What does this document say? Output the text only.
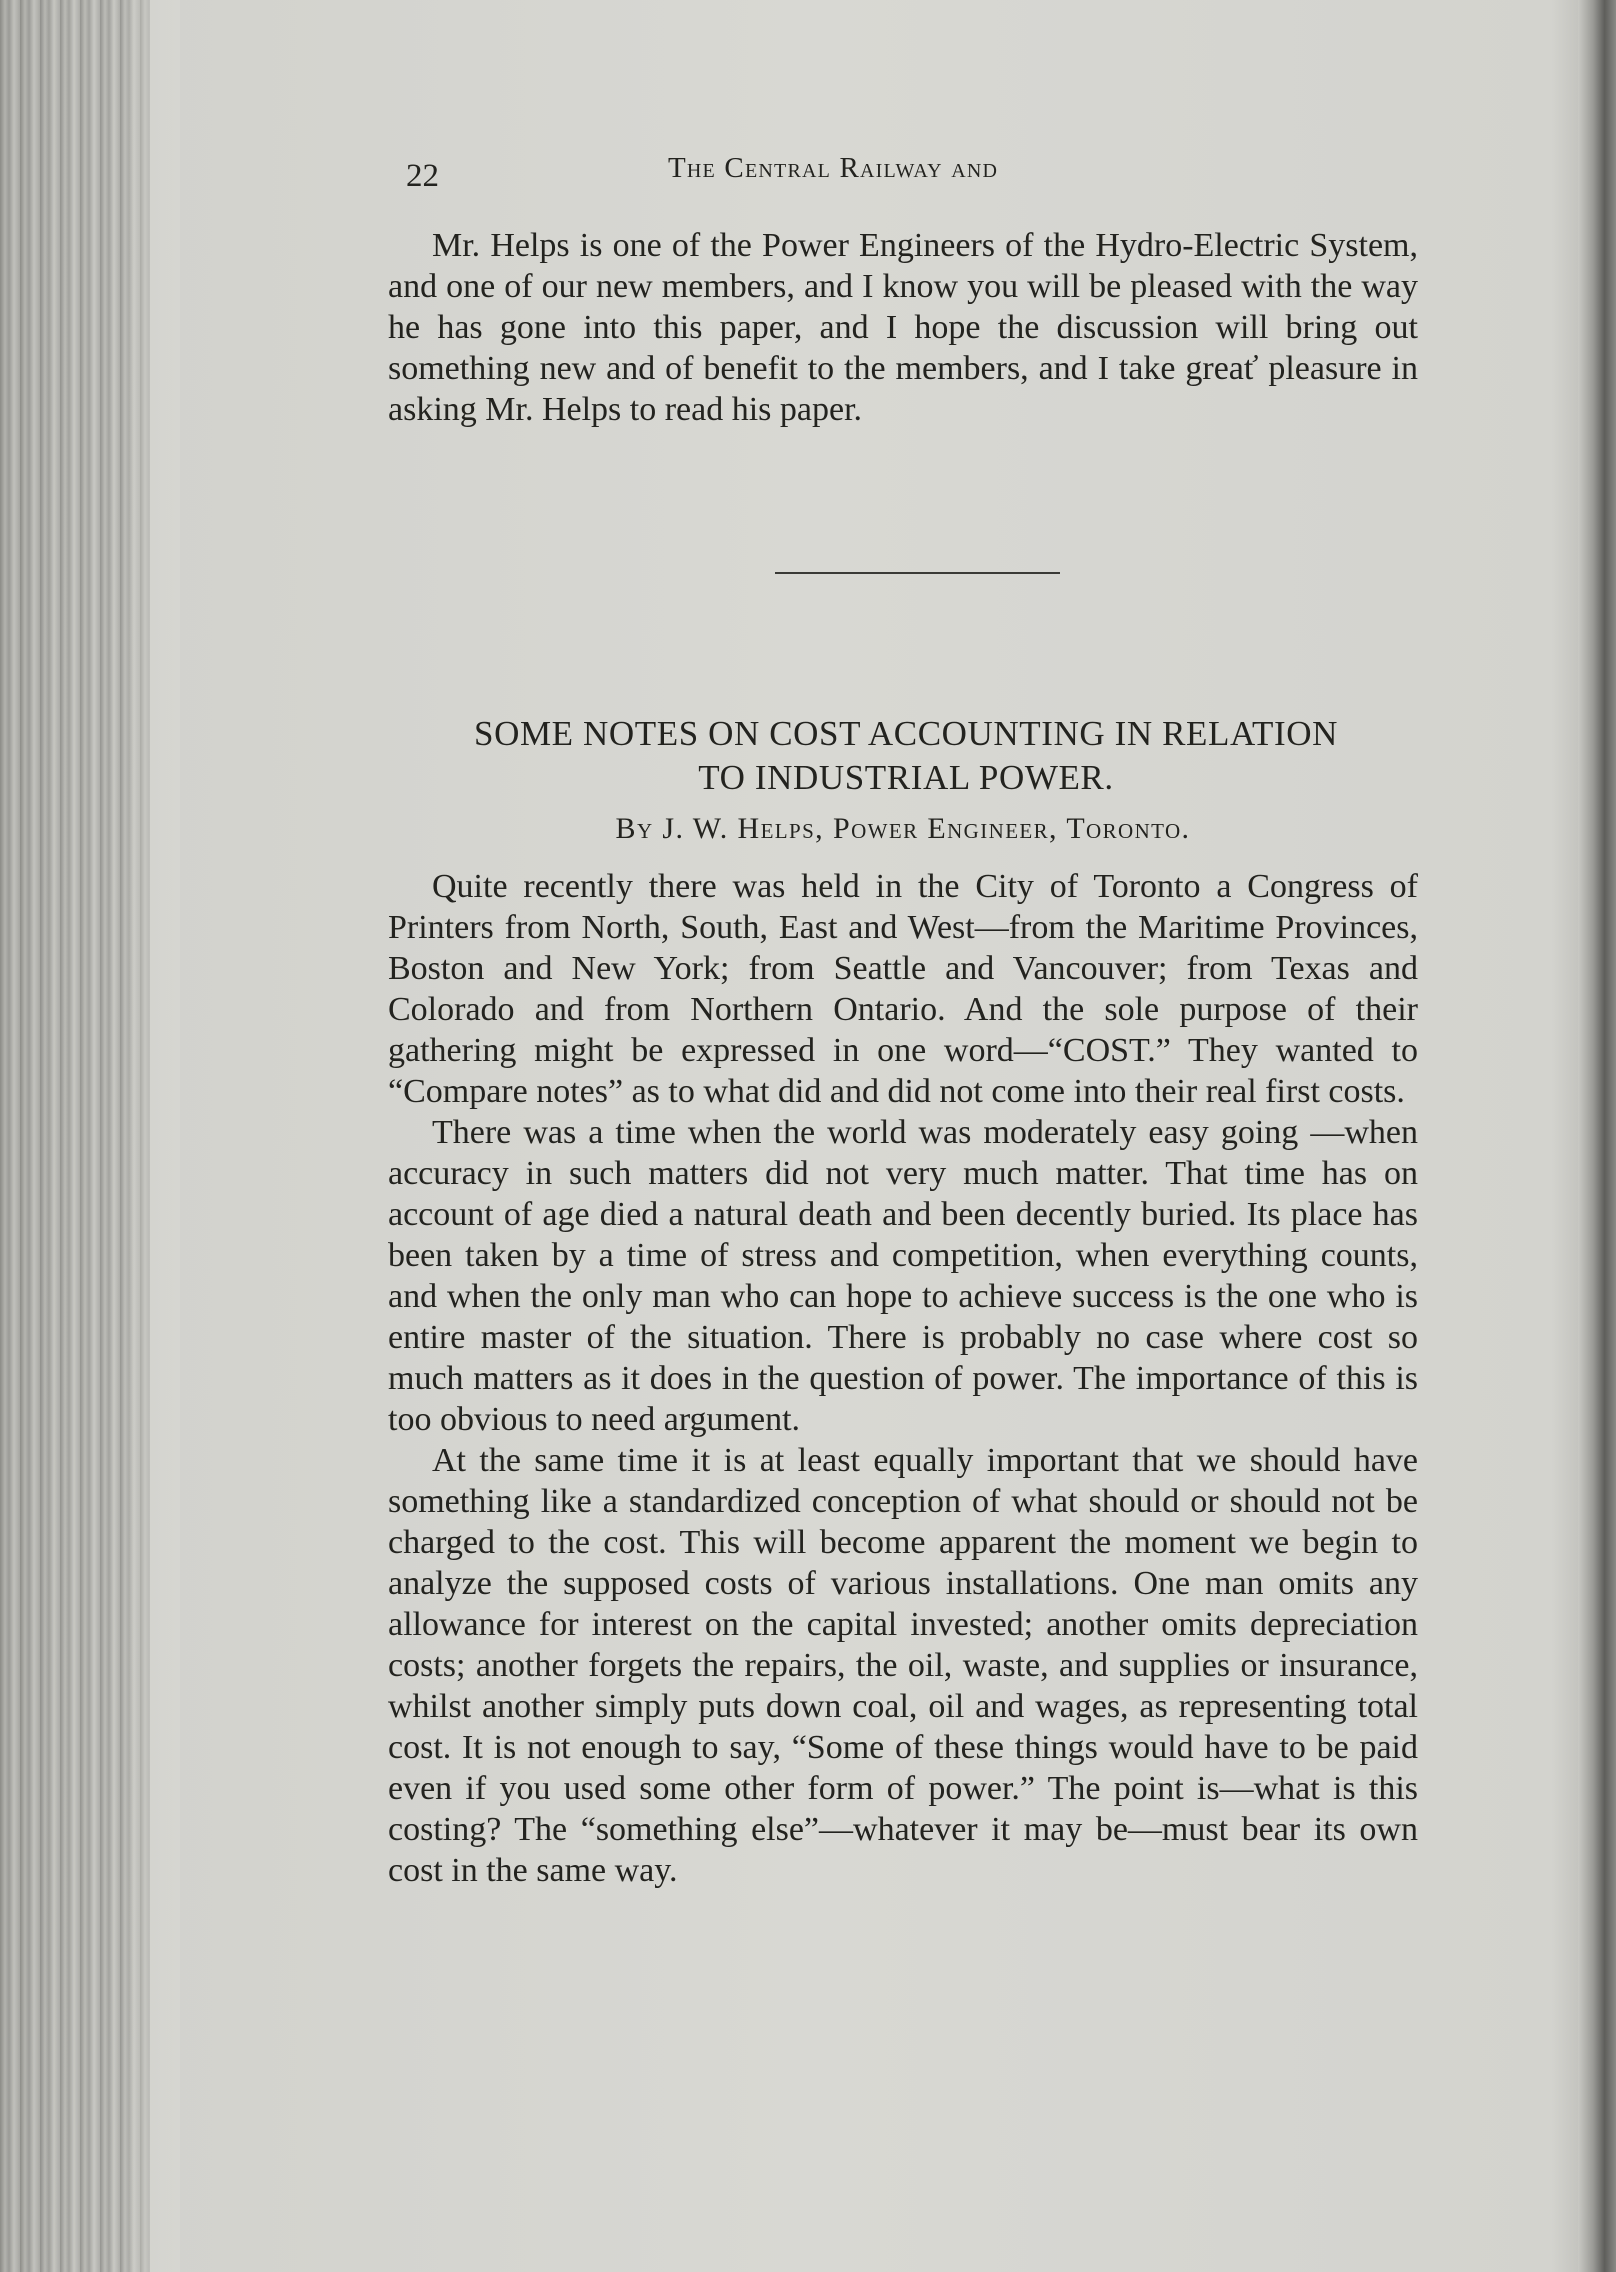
22	The Central Railway and

Mr. Helps is one of the Power Engineers of the Hydro-Electric System, and one of our new members, and I know you will be pleased with the way he has gone into this paper, and I hope the discussion will bring out something new and of benefit to the members, and I take greať pleasure in asking Mr. Helps to read his paper.

SOME NOTES ON COST ACCOUNTING IN RELATION
TO INDUSTRIAL POWER.
By J. W. Helps, Power Engineer, Toronto.

Quite recently there was held in the City of Toronto a Congress of Printers from North, South, East and West—from the Maritime Provinces, Boston and New York; from Seattle and Vancouver; from Texas and Colorado and from Northern Ontario. And the sole purpose of their gathering might be expressed in one word—“COST.” They wanted to “Compare notes” as to what did and did not come into their real first costs.

There was a time when the world was moderately easy going —when accuracy in such matters did not very much matter. That time has on account of age died a natural death and been decently buried. Its place has been taken by a time of stress and competition, when everything counts, and when the only man who can hope to achieve success is the one who is entire master of the situation. There is probably no case where cost so much matters as it does in the question of power. The importance of this is too obvious to need argument.

At the same time it is at least equally important that we should have something like a standardized conception of what should or should not be charged to the cost. This will become apparent the moment we begin to analyze the supposed costs of various installations. One man omits any allowance for interest on the capital invested; another omits depreciation costs; another forgets the repairs, the oil, waste, and supplies or insurance, whilst another simply puts down coal, oil and wages, as representing total cost. It is not enough to say, “Some of these things would have to be paid even if you used some other form of power.” The point is—what is this costing? The “something else”—whatever it may be—must bear its own cost in the same way.
